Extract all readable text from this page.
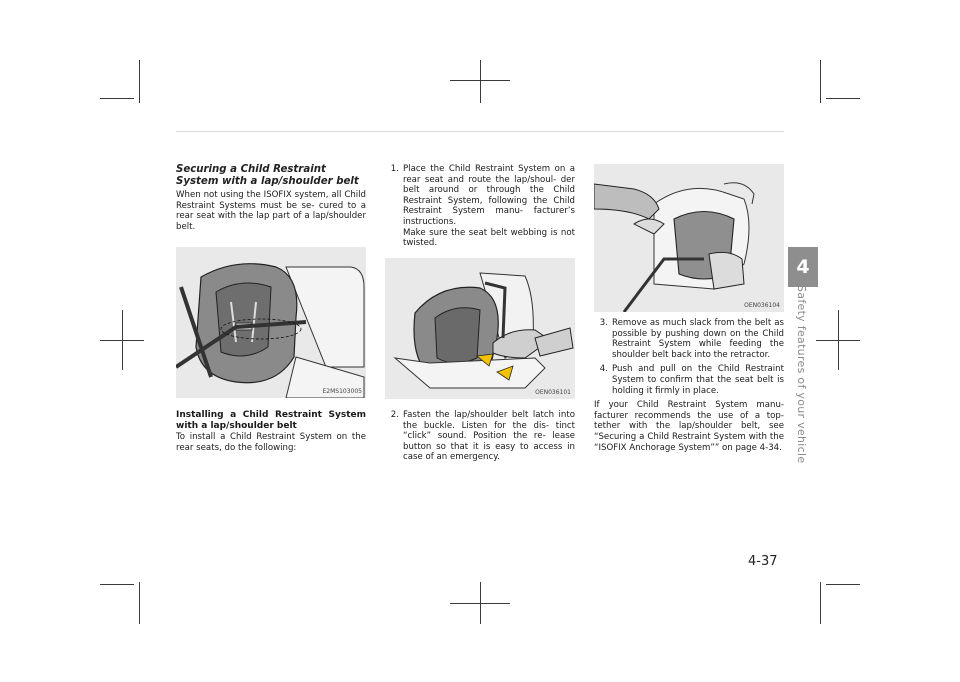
Securing a Child Restraint System with a lap/shoulder belt

When not using the ISOFIX system, all Child Restraint Systems must be se- cured to a rear seat with the lap part of a lap/shoulder belt.

E2MS103005

Installing a Child Restraint System with a lap/shoulder belt

To install a Child Restraint System on the rear seats, do the following:

1. Place the Child Restraint System on a rear seat and route the lap/shoul- der belt around or through the Child Restraint System, following the Child Restraint System manu- facturer’s instructions.
Make sure the seat belt webbing is not twisted.
OEN036101
2. Fasten the lap/shoulder belt latch into the buckle. Listen for the dis- tinct “click” sound. Position the re- lease button so that it is easy to access in case of an emergency.
OEN036104
3. Remove as much slack from the belt as possible by pushing down on the Child Restraint System while feeding the shoulder belt back into the retractor.
4. Push and pull on the Child Restraint System to confirm that the seat belt is holding it firmly in place.

If your Child Restraint System manu- facturer recommends the use of a top- tether with the lap/shoulder belt, see “Securing a Child Restraint System with the “ISOFIX Anchorage System”” on page 4-34.

4
Safety features of your vehicle
4-37
